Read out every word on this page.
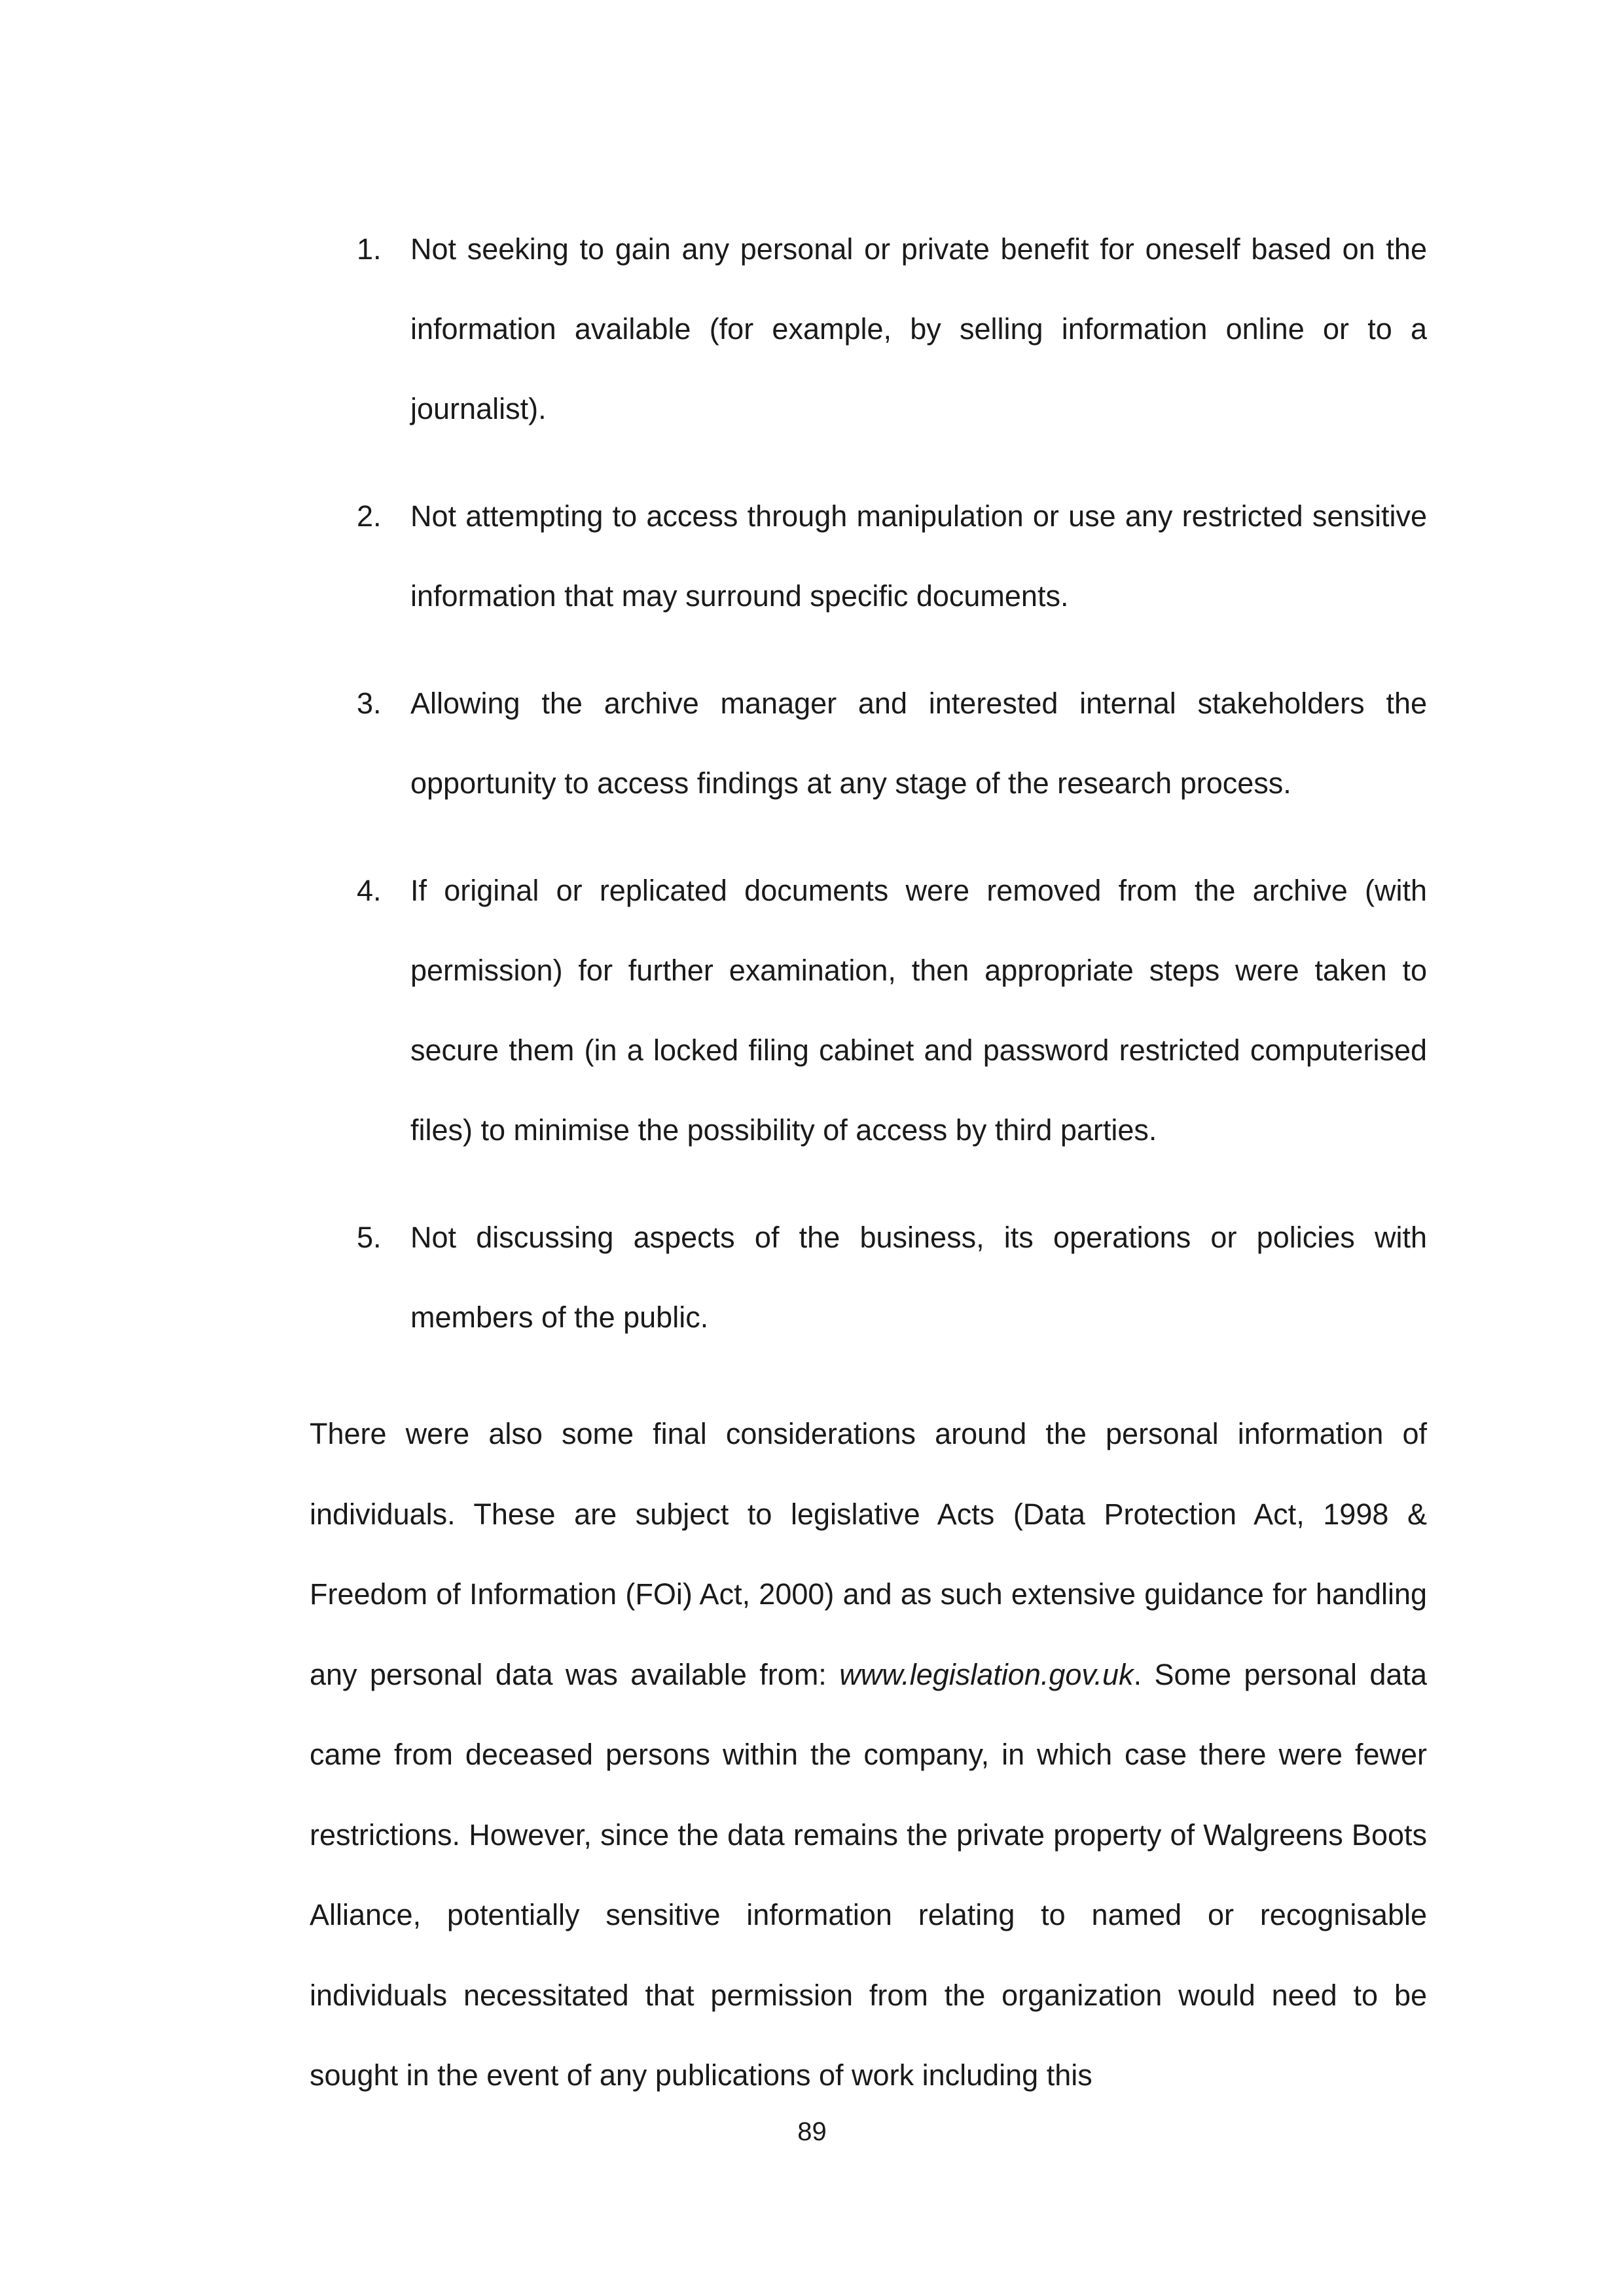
1. Not seeking to gain any personal or private benefit for oneself based on the information available (for example, by selling information online or to a journalist).
2. Not attempting to access through manipulation or use any restricted sensitive information that may surround specific documents.
3. Allowing the archive manager and interested internal stakeholders the opportunity to access findings at any stage of the research process.
4. If original or replicated documents were removed from the archive (with permission) for further examination, then appropriate steps were taken to secure them (in a locked filing cabinet and password restricted computerised files) to minimise the possibility of access by third parties.
5. Not discussing aspects of the business, its operations or policies with members of the public.

There were also some final considerations around the personal information of individuals. These are subject to legislative Acts (Data Protection Act, 1998 & Freedom of Information (FOi) Act, 2000) and as such extensive guidance for handling any personal data was available from: www.legislation.gov.uk. Some personal data came from deceased persons within the company, in which case there were fewer restrictions. However, since the data remains the private property of Walgreens Boots Alliance, potentially sensitive information relating to named or recognisable individuals necessitated that permission from the organization would need to be sought in the event of any publications of work including this

89
